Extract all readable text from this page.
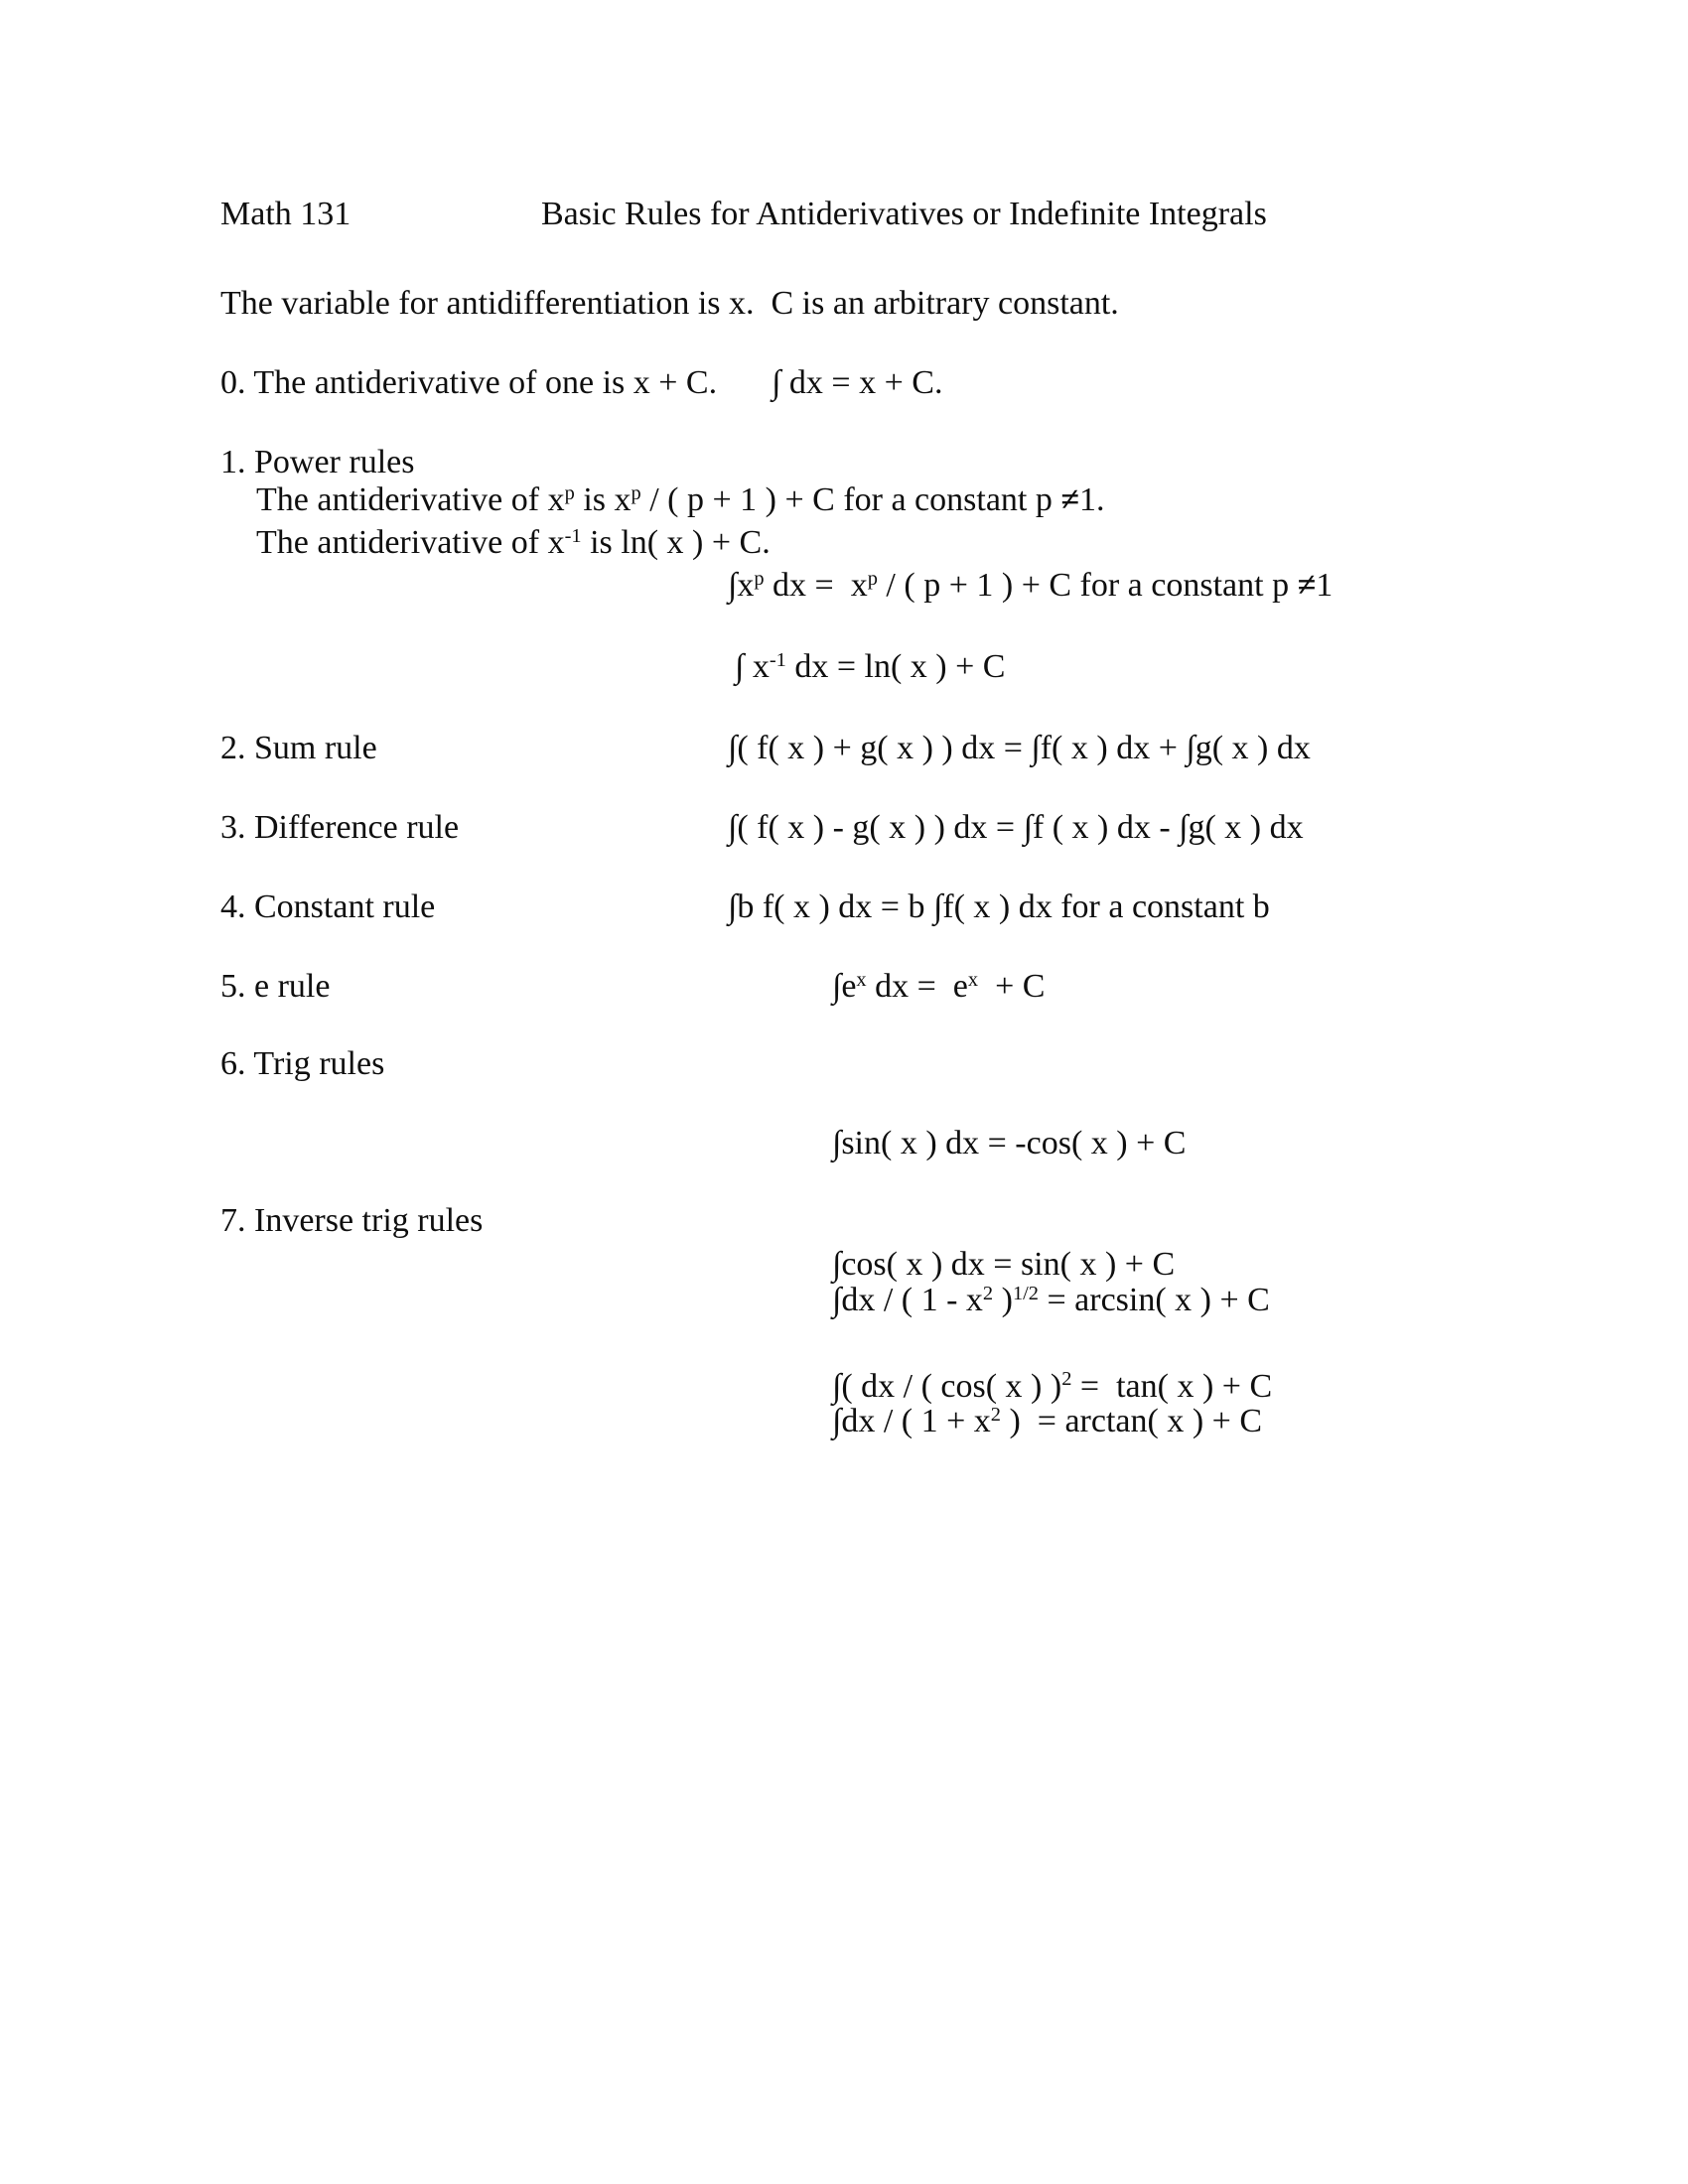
Math 131	Basic Rules for Antiderivatives or Indefinite Integrals
The variable for antidifferentiation is x.  C is an arbitrary constant.
0. The antiderivative of one is x + C. ∫ dx = x + C.
1. Power rules
The antiderivative of $x^p$ is $x^p$ / ( p + 1 ) + C for a constant p ≠1.
The antiderivative of $x^{-1}$ is ln( x ) + C.
$\int x^p$ dx =  $x^p$ / ( p + 1 ) + C for a constant p ≠1
∫ $x^{-1}$ dx = ln( x ) + C
2. Sum rule	∫( f( x ) + g( x ) ) dx = ∫f( x ) dx + ∫g( x ) dx
3. Difference rule	∫( f( x ) - g( x ) ) dx = ∫f ( x ) dx - ∫g( x ) dx
4. Constant rule	∫b f( x ) dx = b ∫f( x ) dx for a constant b
5. e rule	$\int e^x$ dx =  $e^x + C$
6. Trig rules

∫sin( x ) dx = -cos( x ) + C

∫cos( x ) dx = sin( x ) + C

∫( dx / ( cos( x ) )$^2$ =  tan( x ) + C

7. Inverse trig rules

∫dx / ( $1 - x^2$ )$^{1/2}$ = arcsin( x ) + C

∫dx / ( $1 + x^2$ )  = arctan( x ) + C
